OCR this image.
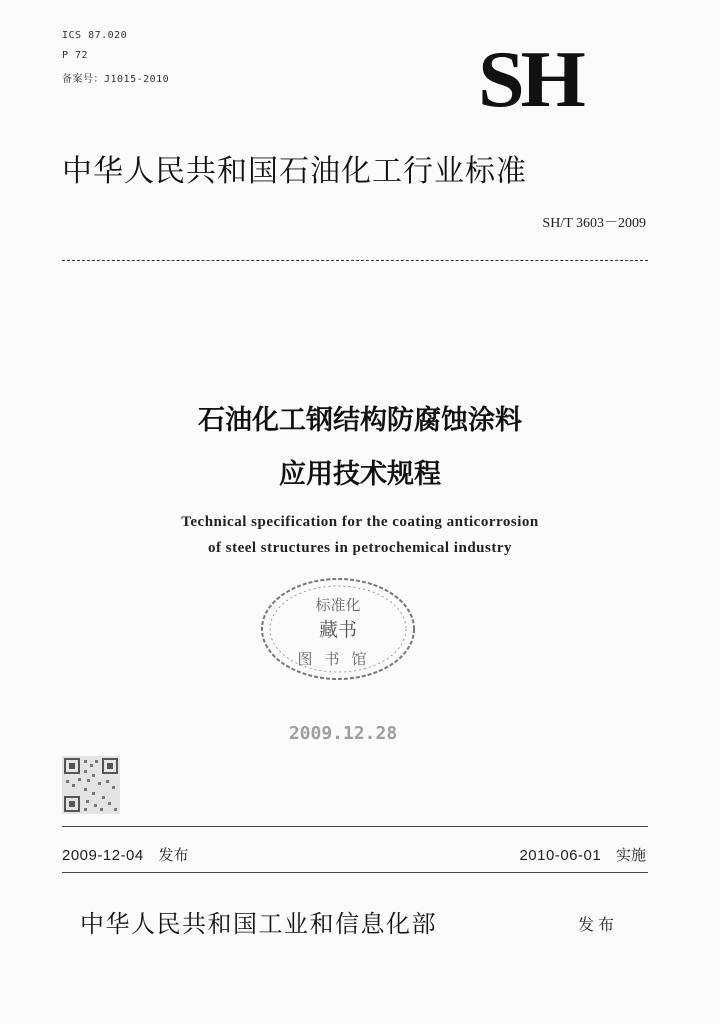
ICS 87.020
P 72
备案号：J1015-2010	SH
中华人民共和国石油化工行业标准
SH/T 3603－2009
石油化工钢结构防腐蚀涂料
应用技术规程
Technical specification for the coating anticorrosion
of steel structures in petrochemical industry
标准化
藏书
图书馆
2009.12.28
2009-12-04 发布	2010-06-01 实施
中华人民共和国工业和信息化部	发布
